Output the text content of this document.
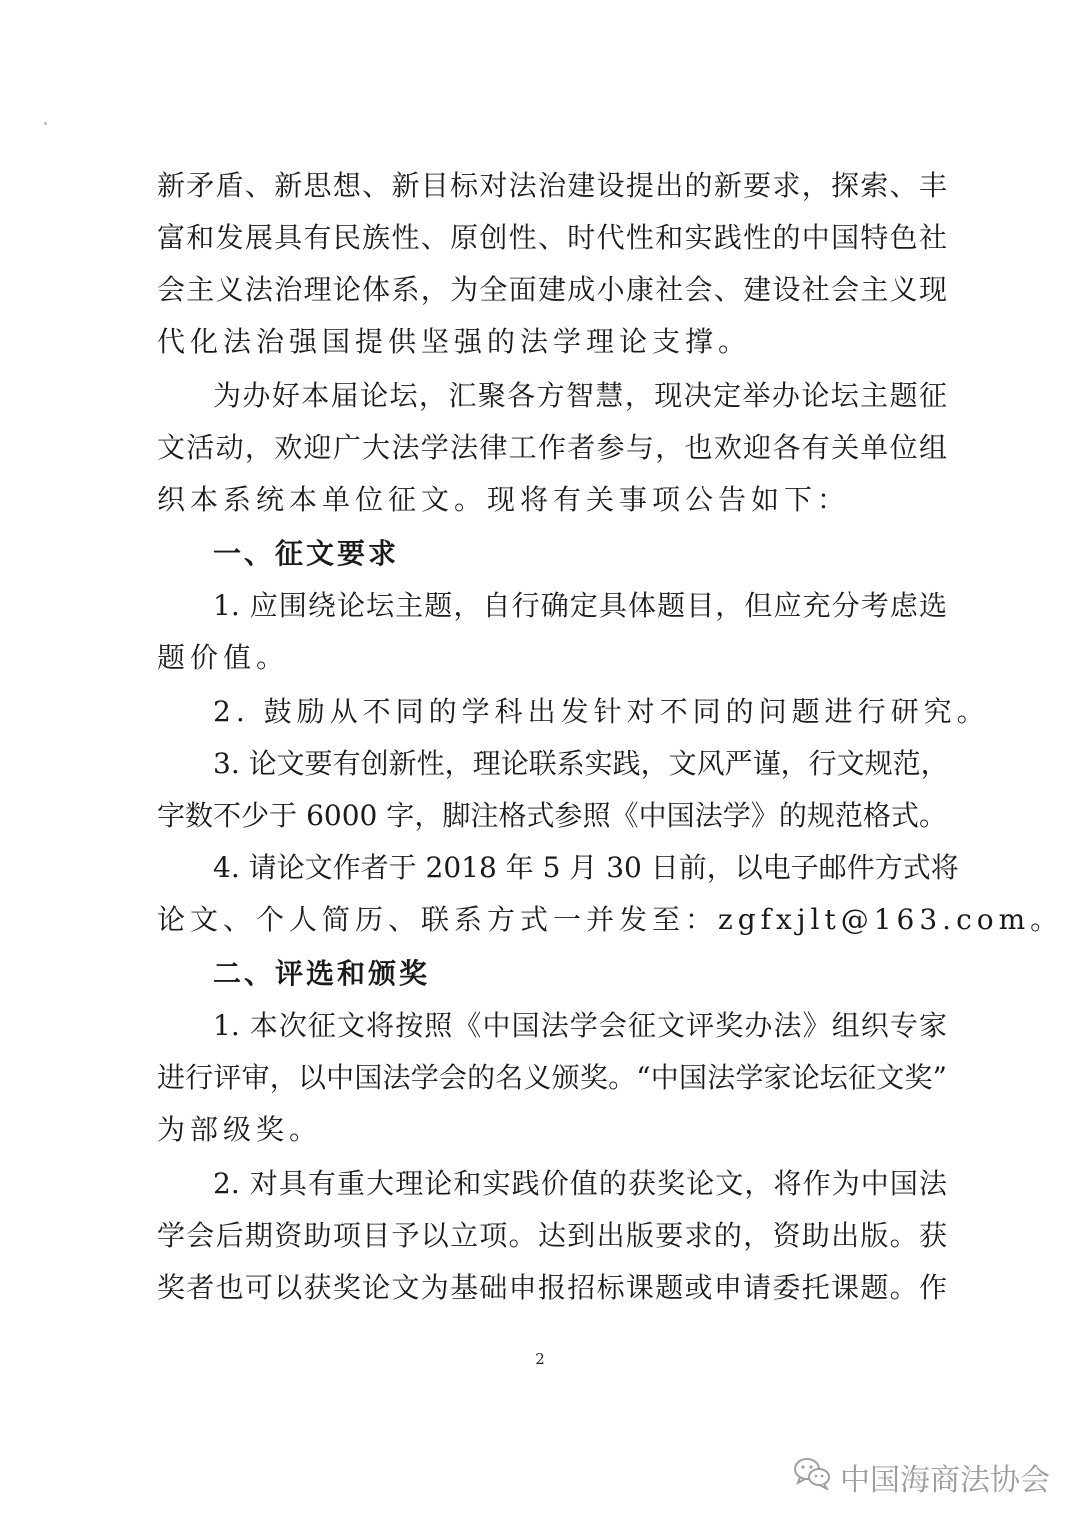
新矛盾、新思想、新目标对法治建设提出的新要求，探索、丰
富和发展具有民族性、原创性、时代性和实践性的中国特色社
会主义法治理论体系，为全面建成小康社会、建设社会主义现
代化法治强国提供坚强的法学理论支撑。
为办好本届论坛，汇聚各方智慧，现决定举办论坛主题征
文活动，欢迎广大法学法律工作者参与，也欢迎各有关单位组
织本系统本单位征文。现将有关事项公告如下：
一、征文要求
1. 应围绕论坛主题，自行确定具体题目，但应充分考虑选
题价值。
2. 鼓励从不同的学科出发针对不同的问题进行研究。
3. 论文要有创新性，理论联系实践，文风严谨，行文规范，
字数不少于 6000 字，脚注格式参照《中国法学》的规范格式。
4. 请论文作者于 2018 年 5 月 30 日前，以电子邮件方式将
论文、个人简历、联系方式一并发至：zgfxjlt@163.com。
二、评选和颁奖
1. 本次征文将按照《中国法学会征文评奖办法》组织专家
进行评审，以中国法学会的名义颁奖。“中国法学家论坛征文奖”
为部级奖。
2. 对具有重大理论和实践价值的获奖论文，将作为中国法
学会后期资助项目予以立项。达到出版要求的，资助出版。获
奖者也可以获奖论文为基础申报招标课题或申请委托课题。作
2
中国海商法协会
